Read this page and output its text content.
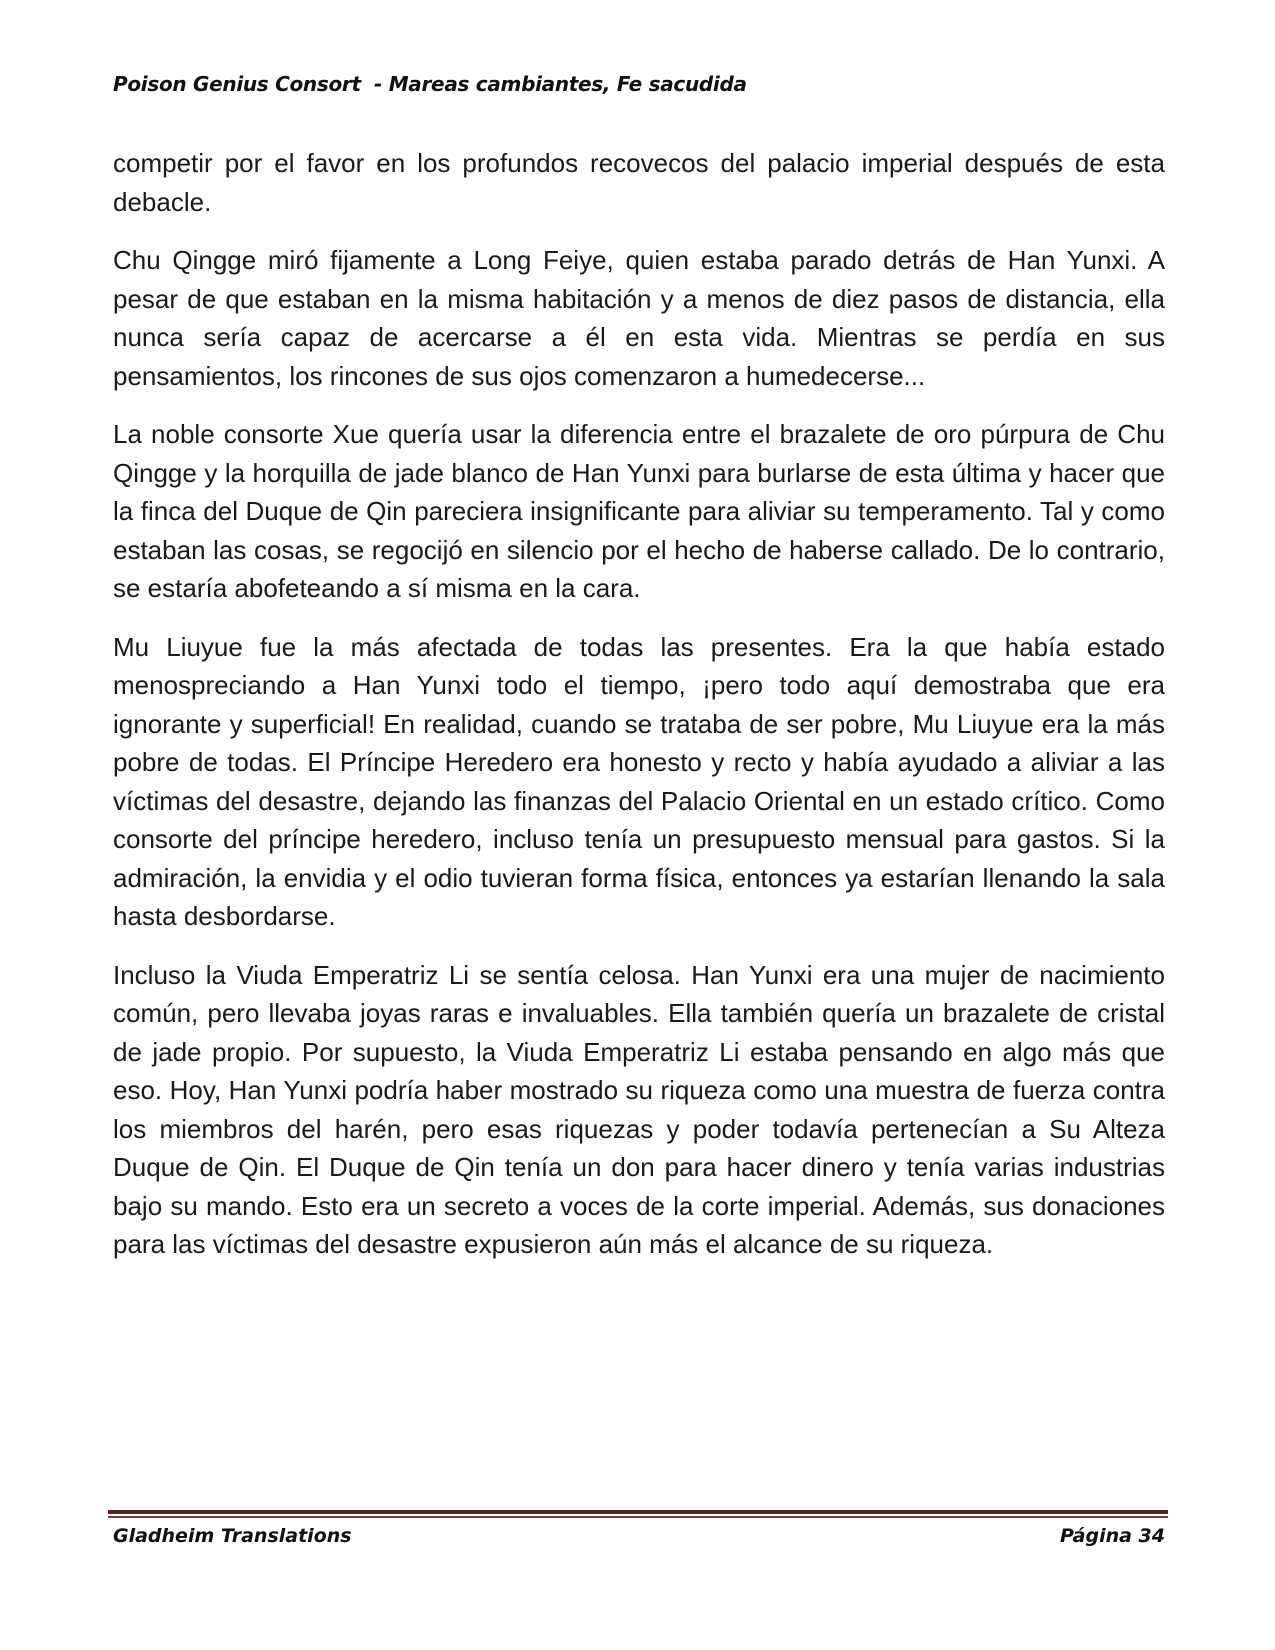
Poison Genius Consort  - Mareas cambiantes, Fe sacudida

competir por el favor en los profundos recovecos del palacio imperial después de esta debacle.

Chu Qingge miró fijamente a Long Feiye, quien estaba parado detrás de Han Yunxi. A pesar de que estaban en la misma habitación y a menos de diez pasos de distancia, ella nunca sería capaz de acercarse a él en esta vida. Mientras se perdía en sus pensamientos, los rincones de sus ojos comenzaron a humedecerse...

La noble consorte Xue quería usar la diferencia entre el brazalete de oro púrpura de Chu Qingge y la horquilla de jade blanco de Han Yunxi para burlarse de esta última y hacer que la finca del Duque de Qin pareciera insignificante para aliviar su temperamento. Tal y como estaban las cosas, se regocijó en silencio por el hecho de haberse callado. De lo contrario, se estaría abofeteando a sí misma en la cara.

Mu Liuyue fue la más afectada de todas las presentes. Era la que había estado menospreciando a Han Yunxi todo el tiempo, ¡pero todo aquí demostraba que era ignorante y superficial! En realidad, cuando se trataba de ser pobre, Mu Liuyue era la más pobre de todas. El Príncipe Heredero era honesto y recto y había ayudado a aliviar a las víctimas del desastre, dejando las finanzas del Palacio Oriental en un estado crítico. Como consorte del príncipe heredero, incluso tenía un presupuesto mensual para gastos. Si la admiración, la envidia y el odio tuvieran forma física, entonces ya estarían llenando la sala hasta desbordarse.

Incluso la Viuda Emperatriz Li se sentía celosa. Han Yunxi era una mujer de nacimiento común, pero llevaba joyas raras e invaluables. Ella también quería un brazalete de cristal de jade propio. Por supuesto, la Viuda Emperatriz Li estaba pensando en algo más que eso. Hoy, Han Yunxi podría haber mostrado su riqueza como una muestra de fuerza contra los miembros del harén, pero esas riquezas y poder todavía pertenecían a Su Alteza Duque de Qin. El Duque de Qin tenía un don para hacer dinero y tenía varias industrias bajo su mando. Esto era un secreto a voces de la corte imperial. Además, sus donaciones para las víctimas del desastre expusieron aún más el alcance de su riqueza.

Gladheim Translations	Página 34
